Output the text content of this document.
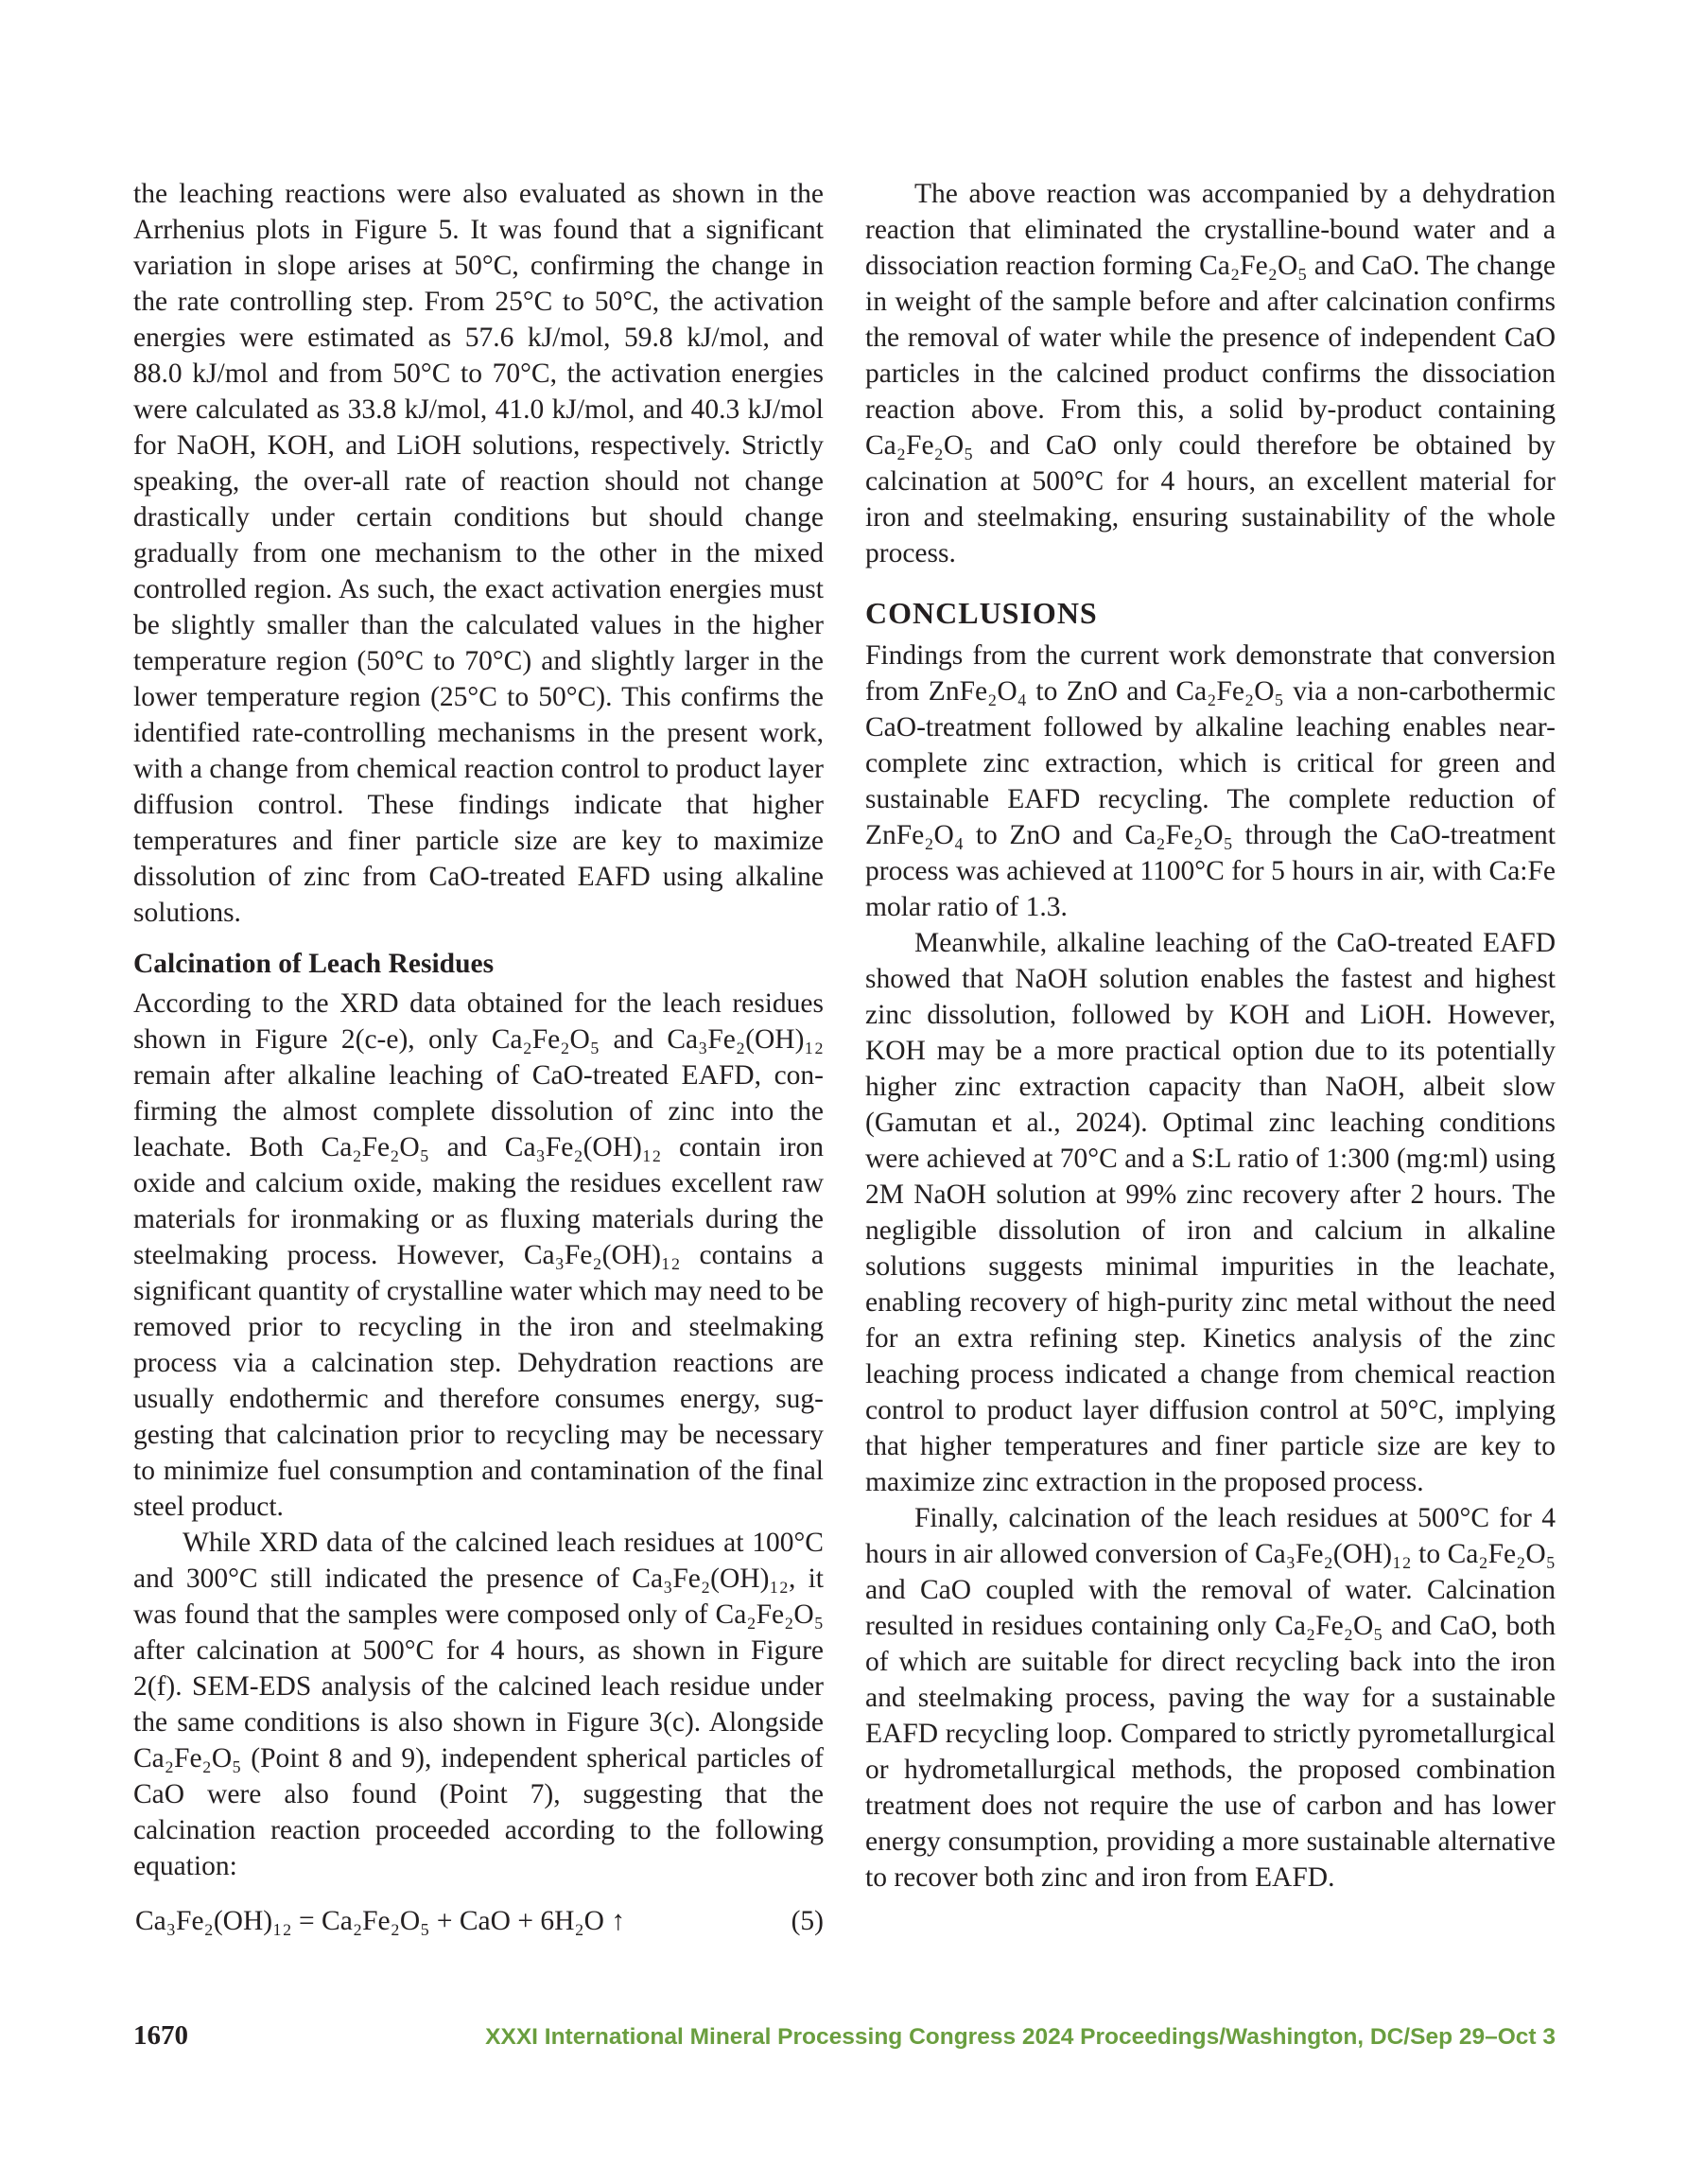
the leaching reactions were also evaluated as shown in the Arrhenius plots in Figure 5. It was found that a significant variation in slope arises at 50°C, confirming the change in the rate controlling step. From 25°C to 50°C, the activation energies were estimated as 57.6 kJ/mol, 59.8 kJ/mol, and 88.0 kJ/mol and from 50°C to 70°C, the activation energies were calculated as 33.8 kJ/mol, 41.0 kJ/mol, and 40.3 kJ/mol for NaOH, KOH, and LiOH solutions, respectively. Strictly speaking, the over-all rate of reaction should not change drastically under certain conditions but should change gradually from one mechanism to the other in the mixed controlled region. As such, the exact activation energies must be slightly smaller than the calculated values in the higher temperature region (50°C to 70°C) and slightly larger in the lower temperature region (25°C to 50°C). This confirms the identified rate-controlling mechanisms in the present work, with a change from chemical reaction control to product layer diffusion control. These findings indicate that higher temperatures and finer particle size are key to maximize dissolution of zinc from CaO-treated EAFD using alkaline solutions.

Calcination of Leach Residues

According to the XRD data obtained for the leach residues shown in Figure 2(c-e), only Ca₂Fe₂O₅ and Ca₃Fe₂(OH)₁₂ remain after alkaline leaching of CaO-treated EAFD, confirming the almost complete dissolution of zinc into the leachate. Both Ca₂Fe₂O₅ and Ca₃Fe₂(OH)₁₂ contain iron oxide and calcium oxide, making the residues excellent raw materials for ironmaking or as fluxing materials during the steelmaking process. However, Ca₃Fe₂(OH)₁₂ contains a significant quantity of crystalline water which may need to be removed prior to recycling in the iron and steelmaking process via a calcination step. Dehydration reactions are usually endothermic and therefore consumes energy, suggesting that calcination prior to recycling may be necessary to minimize fuel consumption and contamination of the final steel product.

While XRD data of the calcined leach residues at 100°C and 300°C still indicated the presence of Ca₃Fe₂(OH)₁₂, it was found that the samples were composed only of Ca₂Fe₂O₅ after calcination at 500°C for 4 hours, as shown in Figure 2(f). SEM-EDS analysis of the calcined leach residue under the same conditions is also shown in Figure 3(c). Alongside Ca₂Fe₂O₅ (Point 8 and 9), independent spherical particles of CaO were also found (Point 7), suggesting that the calcination reaction proceeded according to the following equation:

Ca₃Fe₂(OH)₁₂ = Ca₂Fe₂O₅ + CaO + 6H₂O ↑	(5)

The above reaction was accompanied by a dehydration reaction that eliminated the crystalline-bound water and a dissociation reaction forming Ca₂Fe₂O₅ and CaO. The change in weight of the sample before and after calcination confirms the removal of water while the presence of independent CaO particles in the calcined product confirms the dissociation reaction above. From this, a solid by-product containing Ca₂Fe₂O₅ and CaO only could therefore be obtained by calcination at 500°C for 4 hours, an excellent material for iron and steelmaking, ensuring sustainability of the whole process.

CONCLUSIONS

Findings from the current work demonstrate that conversion from ZnFe₂O₄ to ZnO and Ca₂Fe₂O₅ via a non-carbothermic CaO-treatment followed by alkaline leaching enables near-complete zinc extraction, which is critical for green and sustainable EAFD recycling. The complete reduction of ZnFe₂O₄ to ZnO and Ca₂Fe₂O₅ through the CaO-treatment process was achieved at 1100°C for 5 hours in air, with Ca:Fe molar ratio of 1.3.

Meanwhile, alkaline leaching of the CaO-treated EAFD showed that NaOH solution enables the fastest and highest zinc dissolution, followed by KOH and LiOH. However, KOH may be a more practical option due to its potentially higher zinc extraction capacity than NaOH, albeit slow (Gamutan et al., 2024). Optimal zinc leaching conditions were achieved at 70°C and a S:L ratio of 1:300 (mg:ml) using 2M NaOH solution at 99% zinc recovery after 2 hours. The negligible dissolution of iron and calcium in alkaline solutions suggests minimal impurities in the leachate, enabling recovery of high-purity zinc metal without the need for an extra refining step. Kinetics analysis of the zinc leaching process indicated a change from chemical reaction control to product layer diffusion control at 50°C, implying that higher temperatures and finer particle size are key to maximize zinc extraction in the proposed process.

Finally, calcination of the leach residues at 500°C for 4 hours in air allowed conversion of Ca₃Fe₂(OH)₁₂ to Ca₂Fe₂O₅ and CaO coupled with the removal of water. Calcination resulted in residues containing only Ca₂Fe₂O₅ and CaO, both of which are suitable for direct recycling back into the iron and steelmaking process, paving the way for a sustainable EAFD recycling loop. Compared to strictly pyrometallurgical or hydrometallurgical methods, the proposed combination treatment does not require the use of carbon and has lower energy consumption, providing a more sustainable alternative to recover both zinc and iron from EAFD.

1670	XXXI International Mineral Processing Congress 2024 Proceedings/Washington, DC/Sep 29–Oct 3
